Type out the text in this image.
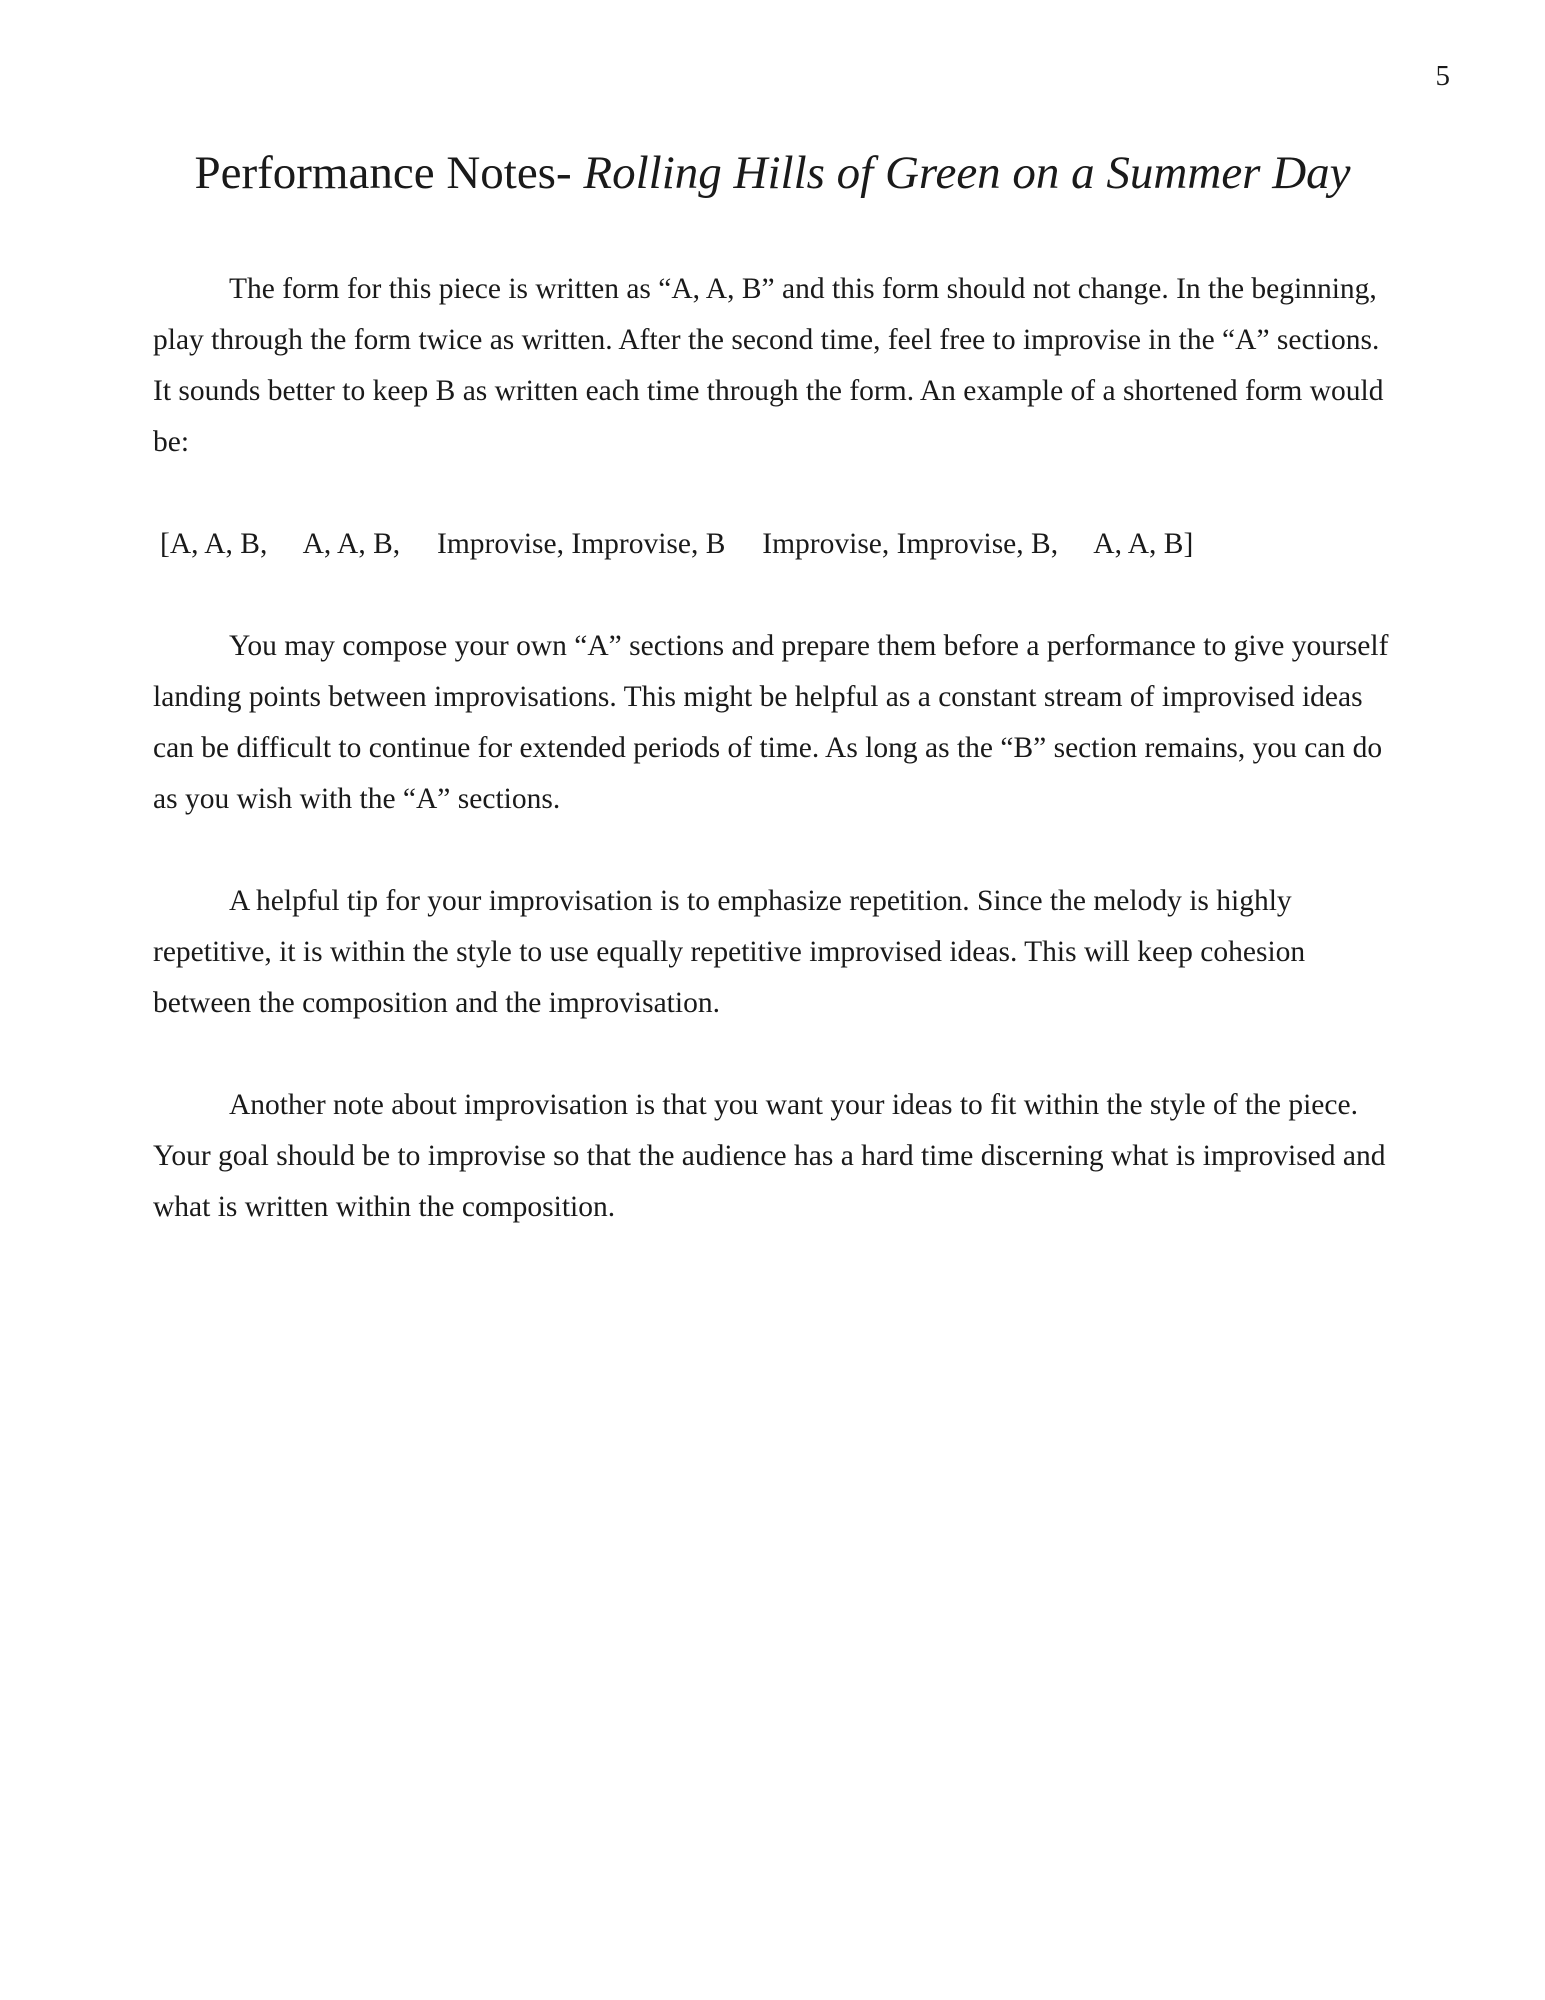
5
Performance Notes- Rolling Hills of Green on a Summer Day

The form for this piece is written as “A, A, B” and this form should not change. In the beginning, play through the form twice as written. After the second time, feel free to improvise in the “A” sections. It sounds better to keep B as written each time through the form. An example of a shortened form would be:

[A, A, B,     A, A, B,     Improvise, Improvise, B     Improvise, Improvise, B,     A, A, B]

You may compose your own “A” sections and prepare them before a performance to give yourself landing points between improvisations. This might be helpful as a constant stream of improvised ideas can be difficult to continue for extended periods of time. As long as the “B” section remains, you can do as you wish with the “A” sections.

A helpful tip for your improvisation is to emphasize repetition. Since the melody is highly repetitive, it is within the style to use equally repetitive improvised ideas. This will keep cohesion between the composition and the improvisation.

Another note about improvisation is that you want your ideas to fit within the style of the piece. Your goal should be to improvise so that the audience has a hard time discerning what is improvised and what is written within the composition.
